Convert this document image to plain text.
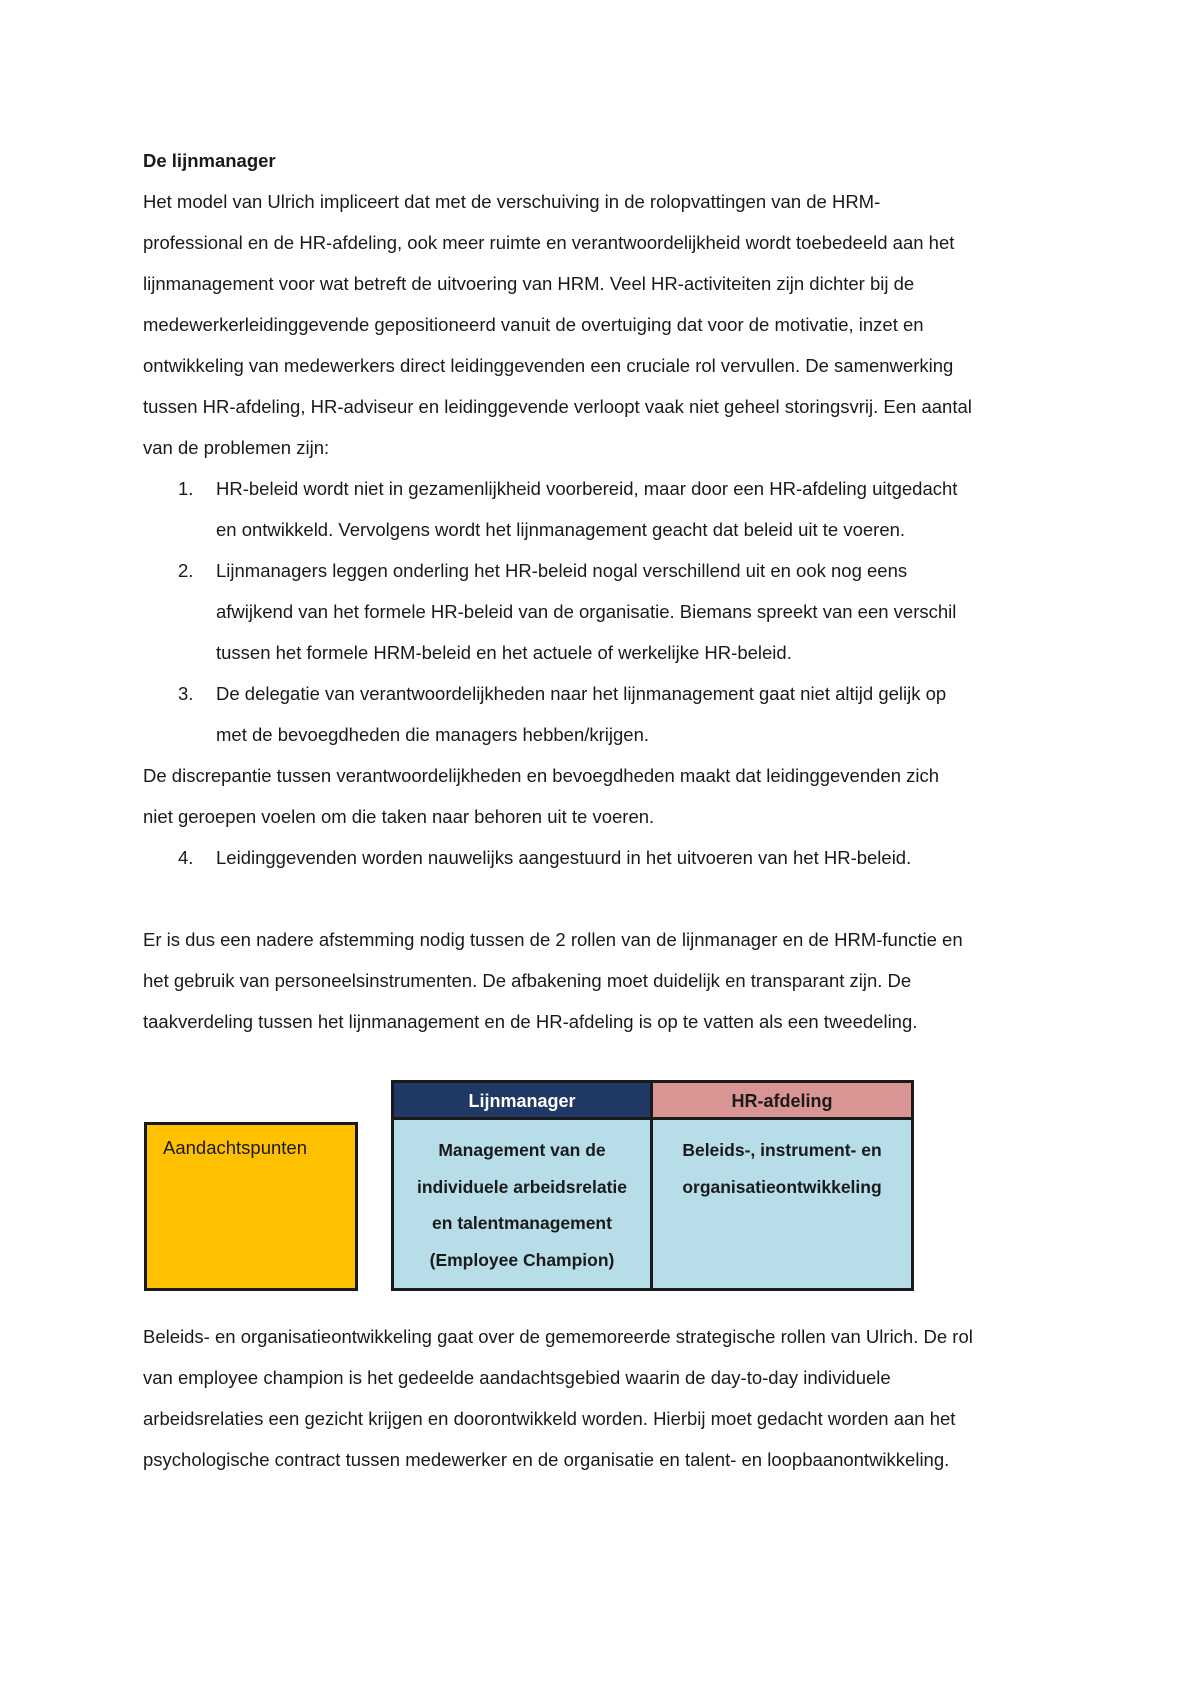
De lijnmanager
Het model van Ulrich impliceert dat met de verschuiving in de rolopvattingen van de HRM-
professional en de HR-afdeling, ook meer ruimte en verantwoordelijkheid wordt toebedeeld aan het
lijnmanagement voor wat betreft de uitvoering van HRM. Veel HR-activiteiten zijn dichter bij de
medewerkerleidinggevende gepositioneerd vanuit de overtuiging dat voor de motivatie, inzet en
ontwikkeling van medewerkers direct leidinggevenden een cruciale rol vervullen. De samenwerking
tussen HR-afdeling, HR-adviseur en leidinggevende verloopt vaak niet geheel storingsvrij. Een aantal
van de problemen zijn:
1. HR-beleid wordt niet in gezamenlijkheid voorbereid, maar door een HR-afdeling uitgedacht
en ontwikkeld. Vervolgens wordt het lijnmanagement geacht dat beleid uit te voeren.
2. Lijnmanagers leggen onderling het HR-beleid nogal verschillend uit en ook nog eens
afwijkend van het formele HR-beleid van de organisatie. Biemans spreekt van een verschil
tussen het formele HRM-beleid en het actuele of werkelijke HR-beleid.
3. De delegatie van verantwoordelijkheden naar het lijnmanagement gaat niet altijd gelijk op
met de bevoegdheden die managers hebben/krijgen.
De discrepantie tussen verantwoordelijkheden en bevoegdheden maakt dat leidinggevenden zich
niet geroepen voelen om die taken naar behoren uit te voeren.
4. Leidinggevenden worden nauwelijks aangestuurd in het uitvoeren van het HR-beleid.
Er is dus een nadere afstemming nodig tussen de 2 rollen van de lijnmanager en de HRM-functie en
het gebruik van personeelsinstrumenten. De afbakening moet duidelijk en transparant zijn. De
taakverdeling tussen het lijnmanagement en de HR-afdeling is op te vatten als een tweedeling.
Aandachtspunten
Lijnmanager	HR-afdeling
Management van de
individuele arbeidsrelatie
en talentmanagement
(Employee Champion)
Beleids-, instrument- en
organisatieontwikkeling
Beleids- en organisatieontwikkeling gaat over de gememoreerde strategische rollen van Ulrich. De rol
van employee champion is het gedeelde aandachtsgebied waarin de day-to-day individuele
arbeidsrelaties een gezicht krijgen en doorontwikkeld worden. Hierbij moet gedacht worden aan het
psychologische contract tussen medewerker en de organisatie en talent- en loopbaanontwikkeling.
